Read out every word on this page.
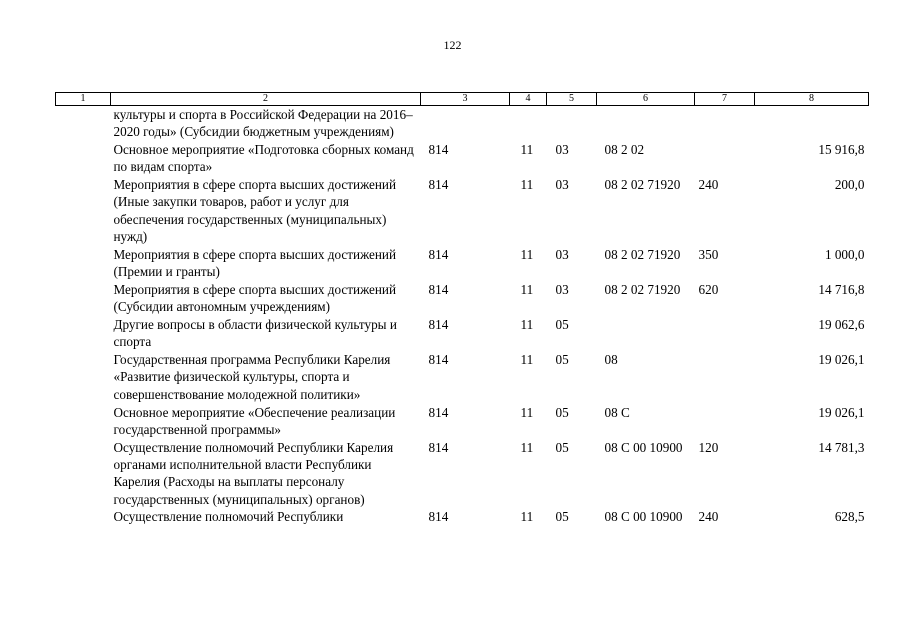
122
1	2	3	4	5	6	7	8
	культуры и спорта в Российской Федерации на 2016–2020 годы» (Субсидии бюджетным учреждениям)						
	Основное мероприятие «Подготовка сборных команд по видам спорта»	814	11	03	08 2 02		15 916,8
	Мероприятия в сфере спорта высших достижений (Иные закупки товаров, работ и услуг для обеспечения государственных (муниципальных) нужд)	814	11	03	08 2 02 71920	240	200,0
	Мероприятия в сфере спорта высших достижений (Премии и гранты)	814	11	03	08 2 02 71920	350	1 000,0
	Мероприятия в сфере спорта высших достижений (Субсидии автономным учреждениям)	814	11	03	08 2 02 71920	620	14 716,8
	Другие вопросы в области физической культуры и спорта	814	11	05			19 062,6
	Государственная программа Республики Карелия «Развитие физической культуры, спорта и совершенствование молодежной политики»	814	11	05	08		19 026,1
	Основное мероприятие «Обеспечение реализации государственной программы»	814	11	05	08 С		19 026,1
	Осуществление полномочий Республики Карелия органами исполнительной власти Республики Карелия (Расходы на выплаты персоналу государственных (муниципальных) органов)	814	11	05	08 С 00 10900	120	14 781,3
	Осуществление полномочий Республики	814	11	05	08 С 00 10900	240	628,5
